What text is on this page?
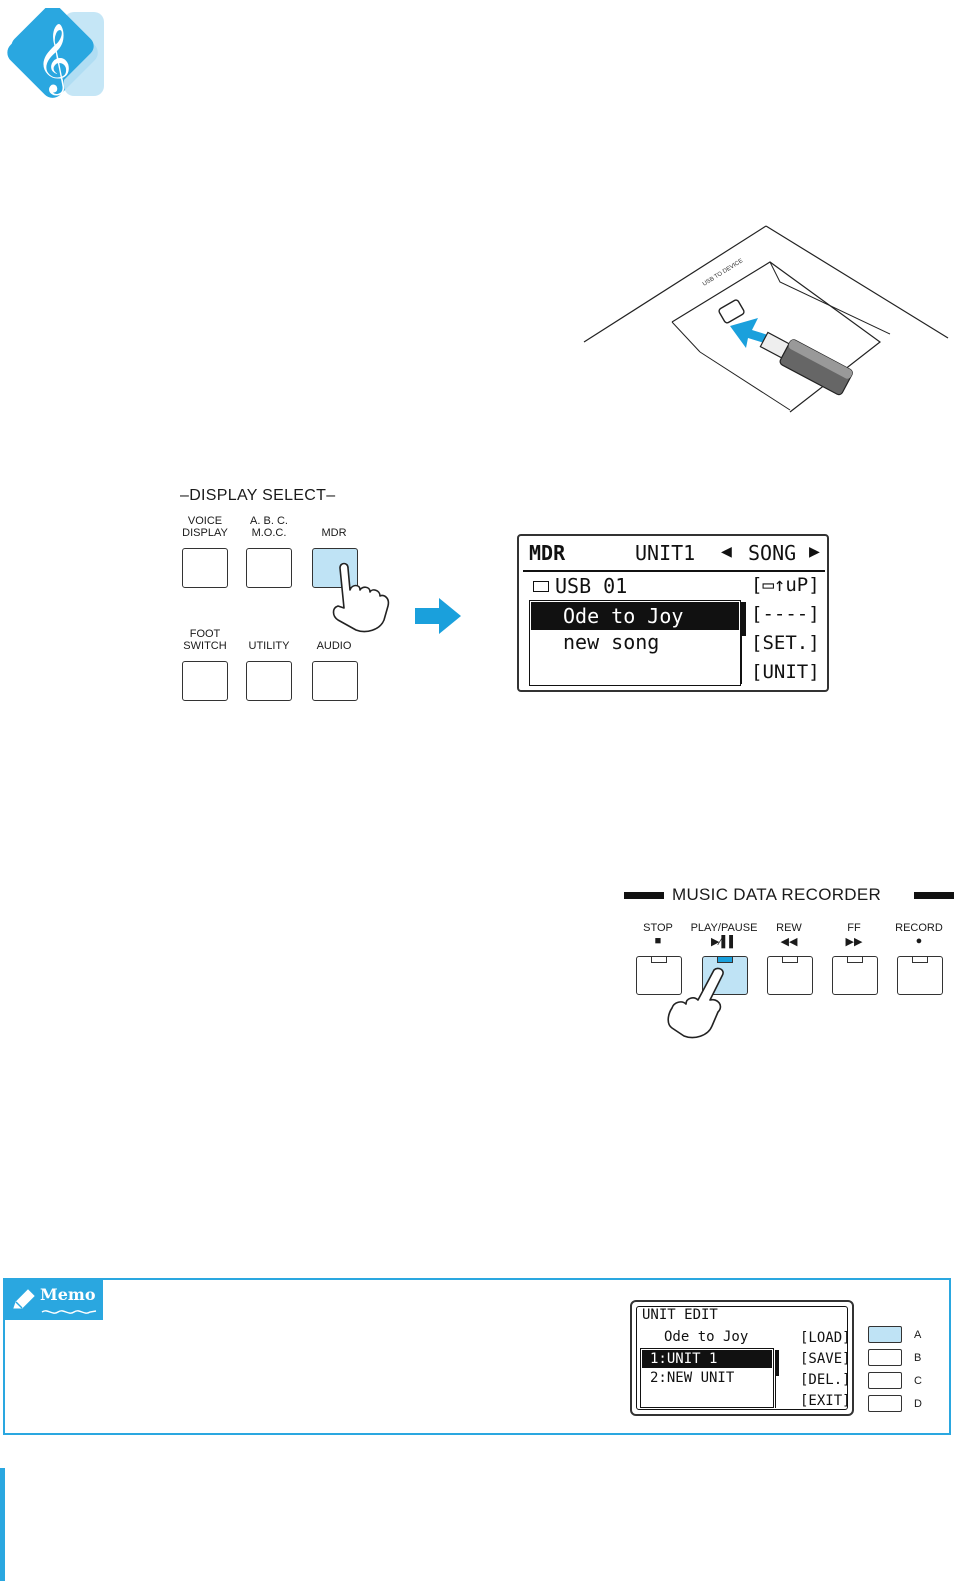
𝄞
USB TO DEVICE
–DISPLAY SELECT–
VOICE
DISPLAY
A. B. C.
M.O.C.	MDR
FOOT
SWITCH	UTILITY	AUDIO
MDR	UNIT1 ◀ SONG ▶
USB 01
Ode to Joy
new song
[▭↑uP]
[----]
[SET.]
[UNIT]
MUSIC DATA RECORDER
STOP
■
PLAY/PAUSE
▶∕▌▌
REW
◀◀
FF
▶▶
RECORD
●
Memo
UNIT EDIT
Ode to Joy
1:UNIT 1
2:NEW UNIT
[LOAD]
[SAVE]
[DEL.]
[EXIT]
A
B
C
D
